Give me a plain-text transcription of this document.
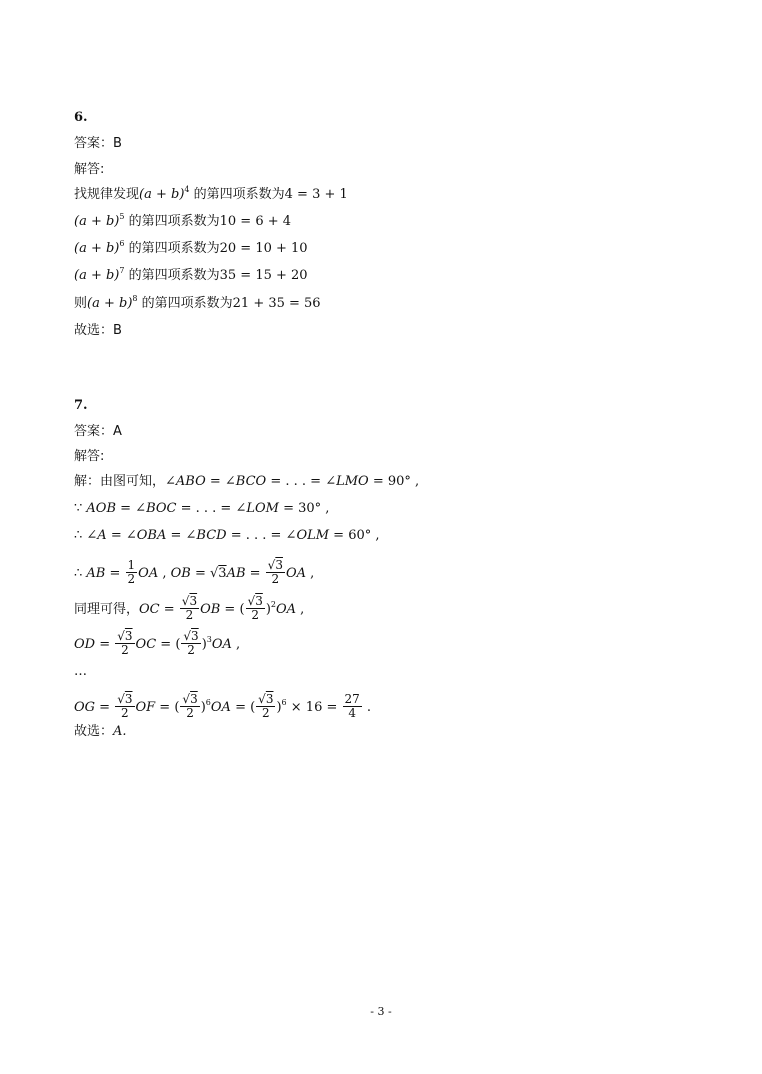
6.
答案：B
解答:
找规律发现$(a + b)^4$ 的第四项系数为4 = 3 + 1
$(a + b)^5$ 的第四项系数为10 = 6 + 4
$(a + b)^6$ 的第四项系数为20 = 10 + 10
$(a + b)^7$ 的第四项系数为35 = 15 + 20
则$(a + b)^8$ 的第四项系数为21 + 35 = 56
故选：B
7.
答案：A
解答:
解：由图可知，∠ABO = ∠BCO = . . . = ∠LMO = 90° ,
∵ AOB = ∠BOC = . . . = ∠LOM = 30° ,
∴ ∠A = ∠OBA = ∠BCD = . . . = ∠OLM = 60° ,
∴ AB = $\frac{1}{2}$ OA , OB = $√3AB = \frac{√3}{2}$ OA ,
同理可得，OC = $\frac{√3}{2}$ OB = ( $\frac{√3}{2} )^2OA$ ,
OD = $\frac{√3}{2}$ OC = ( $\frac{√3}{2} )^3OA$ ,
…
OG = $\frac{√3}{2}$ OF = ( $\frac{√3}{2} )^6OA$ = ( $\frac{√3}{2} )^6 \times 16 = \frac{27}{4}$ .
故选：A.
- 3 -
